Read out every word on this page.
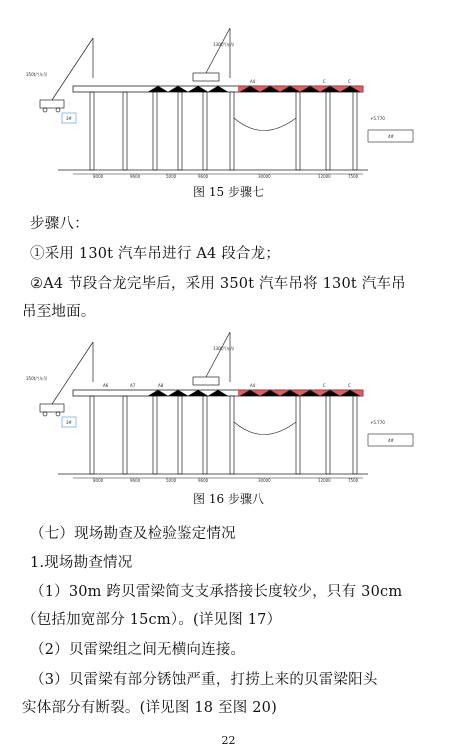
350t汽车吊
130t汽车吊
3#	+5.770
4#
A4	C	C
8000	9600	5000	9600	30000	12000	7500
图 15 步骤七
步骤八：
①采用 130t 汽车吊进行 A4 段合龙；
②A4 节段合龙完毕后，采用 350t 汽车吊将 130t 汽车吊
吊至地面。
350t汽车吊
130t汽车吊
3#	+5.770
4#
A6	A7	A8	A4	C	C
8000	9600	5000	9600	30000	12000	7500
图 16 步骤八
（七）现场勘查及检验鉴定情况
1.现场勘查情况
（1）30m 跨贝雷梁简支支承搭接长度较少，只有 30cm
（包括加宽部分 15cm）。(详见图 17）
（2）贝雷梁组之间无横向连接。
（3）贝雷梁有部分锈蚀严重，打捞上来的贝雷梁阳头
实体部分有断裂。(详见图 18 至图 20)
22
